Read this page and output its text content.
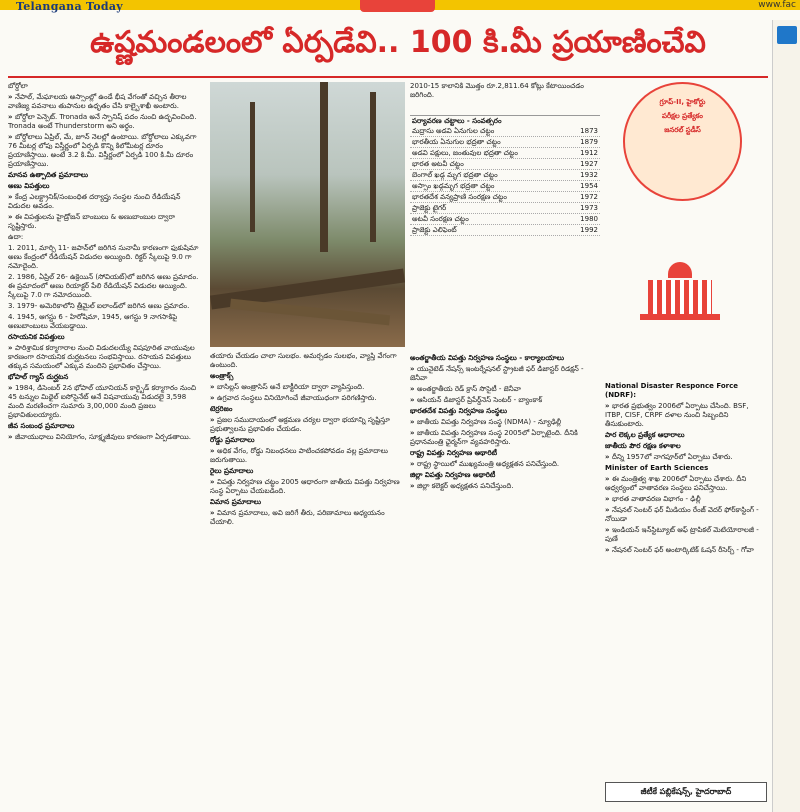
Telangana Today	www.fac
ఉష్ణమండలంలో ఏర్పడేవి.. 100 కి.మీ ప్రయాణించేవి

బోర్డోలా

» నేపాల్, మేఘాలయ అస్సాంల్లో ఉండే భీష వేగంతో వచ్చిన తీరాల వాణిజ్య పవనాలు తుపానుల ఉధృతం చేసి కాల్బైశాఖీ అంటారు.

» బోర్డోలా పెన్పెట్. Tronada అనే స్పానిష్ పదం నుంచి ఉద్భవించింది. Tronada అంటే Thunderstorm అని అర్థం.

» బోర్డోలాలు ఏప్రిల్, మే, జూన్ నెలల్లో ఉంటాయి. బోర్డోలాలు ఎక్కువగా 76 మీటర్ల లోపు విస్తీర్ణంలో ఏర్పడి కొన్ని కిలోమీటర్ల దూరం ప్రయాణిస్తాయి. అంటే 3.2 కి.మీ. విస్తీర్ణంలో ఏర్పడి 100 కి.మీ దూరం ప్రయాణిస్తాయి.

మానవ ఉత్పాదిత ప్రమాదాలు

అణు విపత్తులు

» కేంద్ర ఎలక్ట్రానిక్/సంబంధిత దర్యాప్తు సంస్థల నుంచి రేడియేషన్ విడుదల అవడం.

» ఈ విపత్తులను హైడ్రోజన్ బాంబులు & అణుబాంబుల ద్వారా సృష్టిస్తారు.

ఉదా:

1. 2011, మార్చి 11- జపాన్‌లో జరిగిన సునామీ కారణంగా ఫుకుషిమా అణు కేంద్రంలో రేడియేషన్ విడుదల అయ్యింది. రిక్టర్ స్కేలుపై 9.0 గా నమోదైంది.

2. 1986, ఏప్రిల్ 26- ఉక్రెయిన్ (సోవియట్)లో జరిగిన అణు ప్రమాదం. ఈ ప్రమాదంలో అణు రియాక్టర్ పేలి రేడియేషన్ విడుదల అయ్యింది. స్కేలుపై 7.0 గా నమోదయింది.

3. 1979- అమెరికాలోని త్రీమైల్ ఐలాండ్‌లో జరిగిన అణు ప్రమాదం.

4. 1945, ఆగస్టు 6 - హిరోషిమా, 1945, ఆగస్టు 9 నాగసాకిపై అణుబాంబులు వేయబడ్డాయి.

రసాయనిక విపత్తులు

» పారిశ్రామిక కర్మాగారాల నుంచి విడుదలయ్యే విషపూరిత వాయువుల కారణంగా రసాయనిక దుర్ఘటనలు సంభవిస్తాయి. రసాయన విపత్తులు తక్కువ సమయంలో ఎక్కువ మందిని ప్రభావితం చేస్తాయి.

భోపాల్ గ్యాస్ దుర్ఘటన

» 1984, డిసెంబర్ 2న భోపాల్ యూనియన్ కార్బైడ్ కర్మాగారం నుంచి 45 టన్నుల మిథైల్ ఐసోసైనేట్ అనే విషవాయువు విడుదలై 3,598 మంది మరణించగా సుమారు 3,00,000 మంది ప్రజలు ప్రభావితులయ్యారు.

జీవ సంబంధ ప్రమాదాలు

» జీవాయుధాలు వినియోగం, సూక్ష్మజీవులు కారణంగా ఏర్పడతాయి.

2010-15 కాలానికి మొత్తం రూ.2,811.64 కోట్లు కేటాయించడం జరిగింది.
పర్యావరణ చట్టాలు - సంవత్సరం
మద్రాసు అడవి ఏనుగుల చట్టం	1873
భారతీయ ఏనుగుల భద్రతా చట్టం	1879
అడవి పక్షులు, జంతువుల భద్రతా చట్టం	1912
భారత అటవీ చట్టం	1927
బెంగాల్ ఖడ్గ మృగ భద్రతా చట్టం	1932
అస్సాం ఖడ్గమృగ భద్రతా చట్టం	1954
భారతదేశ వన్యప్రాణి సంరక్షణ చట్టం	1972
ప్రాజెక్టు టైగర్	1973
అటవీ సంరక్షణ చట్టం	1980
ప్రాజెక్టు ఎలిఫెంట్	1992
గ్రూప్-II, హైకోర్టు
పరీక్షల ప్రత్యేకం
జనరల్ స్టడీస్

తయారు చేయడం చాలా సులభం. అమర్చడం సులభం, వ్యాప్తి వేగంగా ఉంటుంది.

అంత్రాక్స్

» బాసిల్లస్ ఆంత్రాసిస్ అనే బాక్టీరియా ద్వారా వ్యాపిస్తుంది.

» ఉగ్రవాద సంస్థలు వినియోగించే జీవాయుధంగా పరిగణిస్తారు.

టెర్రరిజం

» ప్రజల సముదాయంలో ఆక్రమణ చర్యల ద్వారా భయాన్ని సృష్టిస్తూ ప్రభుత్వాలను ప్రభావితం చేయడం.

రోడ్డు ప్రమాదాలు

» అధిక వేగం, రోడ్డు నిబంధనలు పాటించకపోవడం వల్ల ప్రమాదాలు జరుగుతాయి.

రైలు ప్రమాదాలు

» విపత్తు నిర్వహణ చట్టం 2005 ఆధారంగా జాతీయ విపత్తు నిర్వహణ సంస్థ ఏర్పాటు చేయబడింది.

విమాన ప్రమాదాలు

» విమాన ప్రమాదాలు, అవి జరిగే తీరు, పరిణామాలు అధ్యయనం చేయాలి.

అంతర్జాతీయ విపత్తు నిర్వహణ సంస్థలు - కార్యాలయాలు

» యునైటెడ్ నేషన్స్ ఇంటర్నేషనల్ స్ట్రాటజీ ఫర్ డిజాస్టర్ రిడక్షన్ - జెనీవా

» అంతర్జాతీయ రెడ్ క్రాస్ సొసైటీ - జెనీవా

» ఆసియన్ డిజాస్టర్ ప్రిపేర్డ్‌నెస్ సెంటర్ - బ్యాంకాక్

భారతదేశ విపత్తు నిర్వహణ సంస్థలు

» జాతీయ విపత్తు నిర్వహణ సంస్థ (NDMA) - న్యూఢిల్లీ

» జాతీయ విపత్తు నిర్వహణ సంస్థ 2005లో ఏర్పాటైంది. దీనికి ప్రధానమంత్రి ఛైర్మన్‌గా వ్యవహరిస్తారు.

రాష్ట్ర విపత్తు నిర్వహణ అథారిటీ

» రాష్ట్ర స్థాయిలో ముఖ్యమంత్రి అధ్యక్షతన పనిచేస్తుంది.

జిల్లా విపత్తు నిర్వహణ అథారిటీ

» జిల్లా కలెక్టర్ అధ్యక్షతన పనిచేస్తుంది.

National Disaster Responce Force (NDRF):

» భారత ప్రభుత్వం 2006లో ఏర్పాటు చేసింది. BSF, ITBP, CISF, CRPF దళాల నుంచి సిబ్బందిని తీసుకుంటారు.

పార లెక్కల ప్రత్యేక ఆధారాలు

జాతీయ పౌర రక్షణ కళాశాల

» దీన్ని 1957లో నాగపూర్‌లో ఏర్పాటు చేశారు.

Minister of Earth Sciences

» ఈ మంత్రిత్వ శాఖ 2006లో ఏర్పాటు చేశారు. దీని ఆధ్వర్యంలో వాతావరణ సంస్థలు పనిచేస్తాయి.

» భారత వాతావరణ విభాగం - ఢిల్లీ

» నేషనల్ సెంటర్ ఫర్ మీడియం రేంజ్ వెదర్ ఫోర్‌కాస్టింగ్ - నోయిడా

» ఇండియన్ ఇన్‌స్టిట్యూట్ ఆఫ్ ట్రాపికల్ మెటియోరాలజీ - పుణే

» నేషనల్ సెంటర్ ఫర్ అంటార్కిటిక్ ఓషన్ రీసెర్చ్ - గోవా

జీటీకే పబ్లికేషన్స్, హైదరాబాద్
